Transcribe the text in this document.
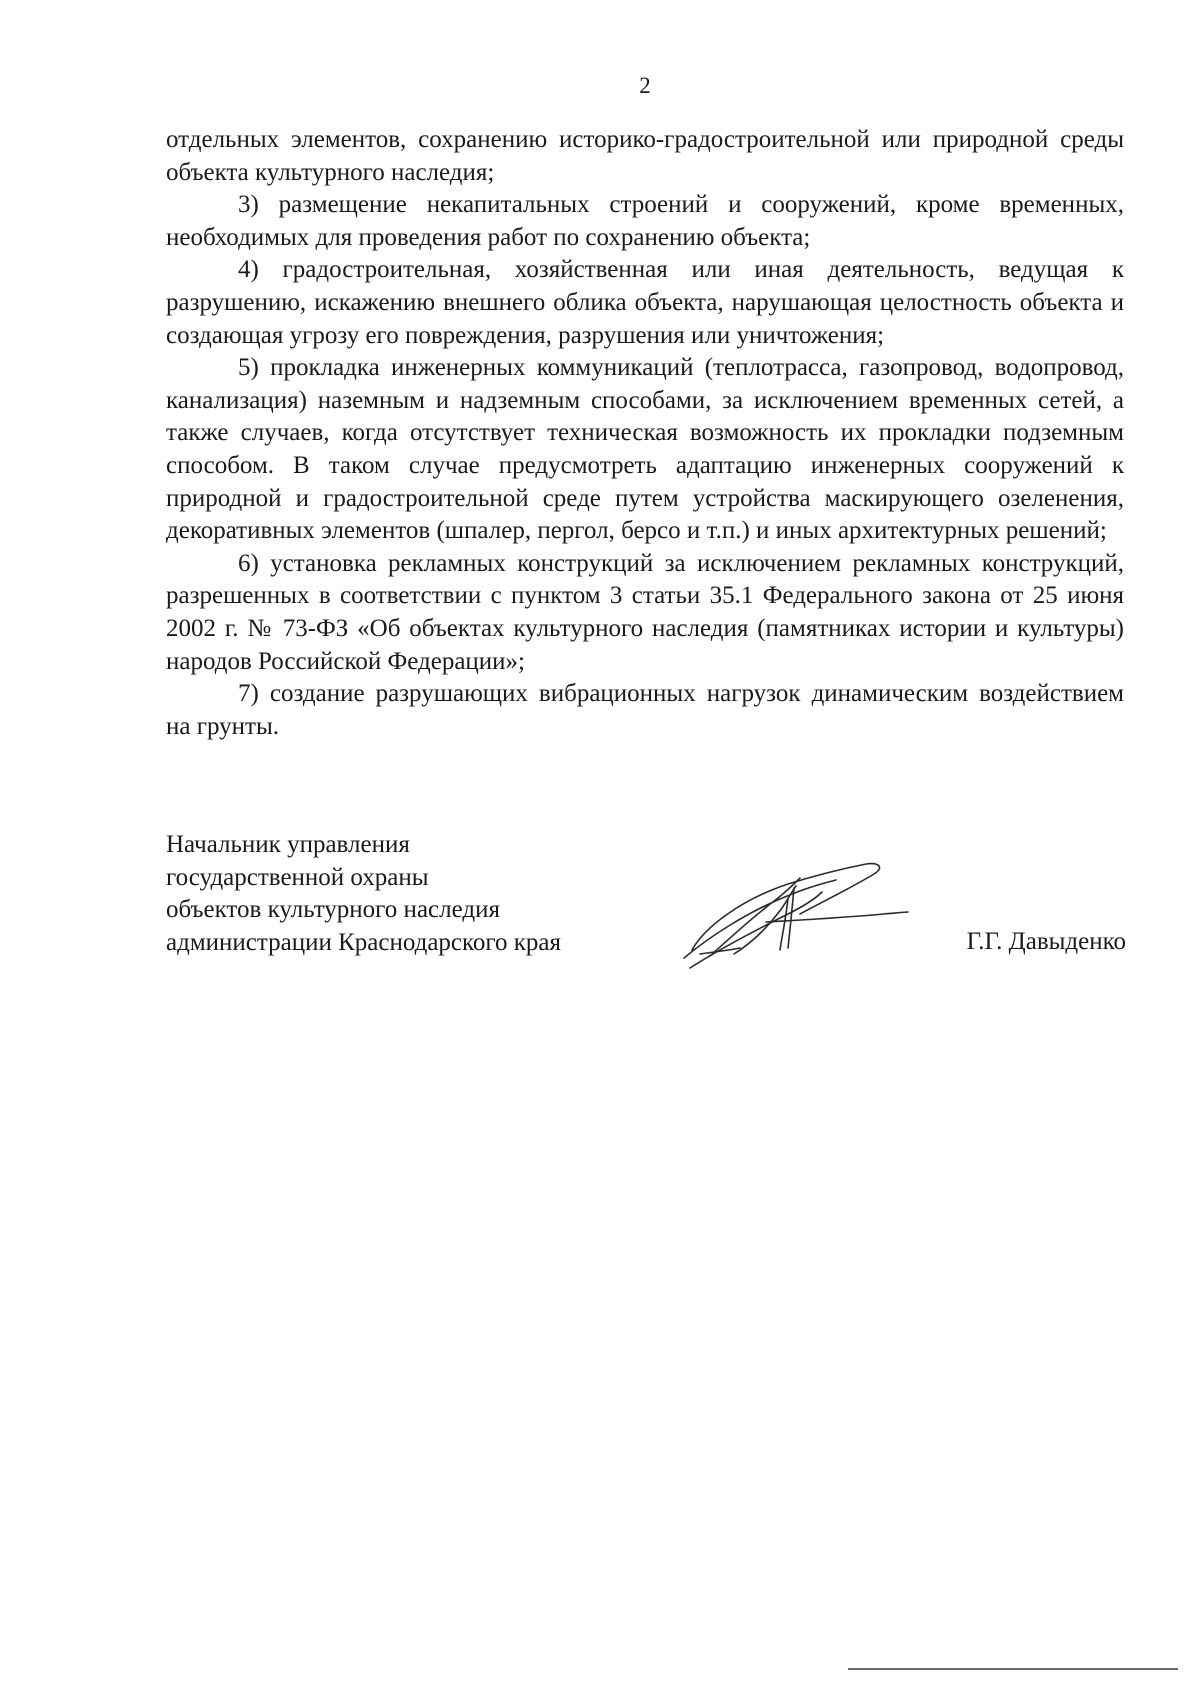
2

отдельных элементов, сохранению историко-градостроительной или природной среды объекта культурного наследия;

3) размещение некапитальных строений и сооружений, кроме временных, необходимых для проведения работ по сохранению объекта;

4) градостроительная, хозяйственная или иная деятельность, ведущая к разрушению, искажению внешнего облика объекта, нарушающая целостность объекта и создающая угрозу его повреждения, разрушения или уничтожения;

5) прокладка инженерных коммуникаций (теплотрасса, газопровод, водопровод, канализация) наземным и надземным способами, за исключением временных сетей, а также случаев, когда отсутствует техническая возможность их прокладки подземным способом. В таком случае предусмотреть адаптацию инженерных сооружений к природной и градостроительной среде путем устройства маскирующего озеленения, декоративных элементов (шпалер, пергол, берсо и т.п.) и иных архитектурных решений;

6) установка рекламных конструкций за исключением рекламных конструкций, разрешенных в соответствии с пунктом 3 статьи 35.1 Федерального закона от 25 июня 2002 г. № 73-ФЗ «Об объектах культурного наследия (памятниках истории и культуры) народов Российской Федерации»;

7) создание разрушающих вибрационных нагрузок динамическим воздействием на грунты.

Начальник управления
государственной охраны
объектов культурного наследия
администрации Краснодарского края	Г.Г. Давыденко
